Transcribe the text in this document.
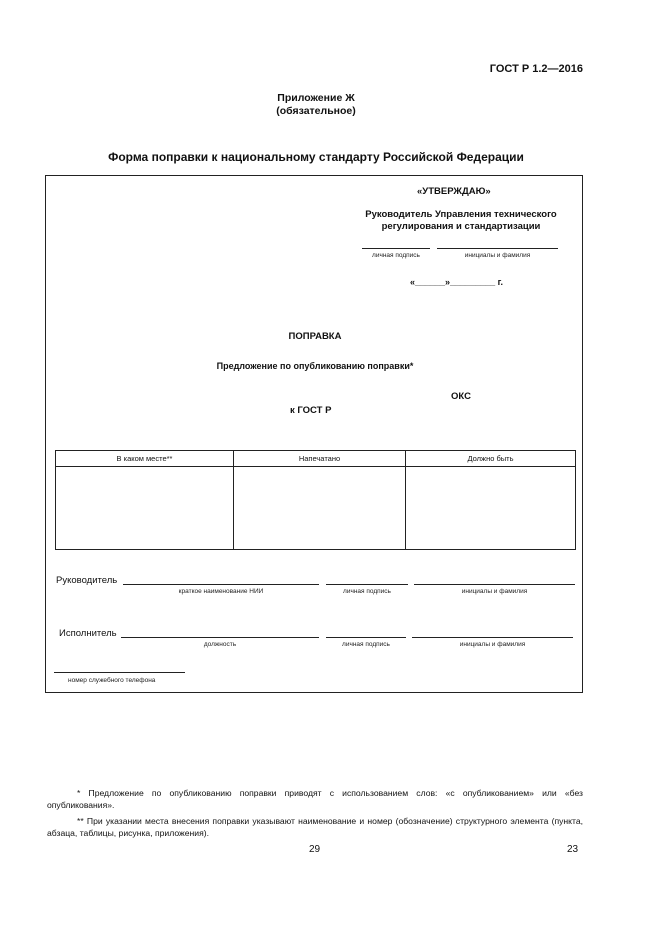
ГОСТ Р 1.2—2016
Приложение Ж
(обязательное)
Форма поправки к национальному стандарту Российской Федерации
«УТВЕРЖДАЮ»
Руководитель Управления технического
регулирования и стандартизации
личная подпись	инициалы и фамилия
«______»_________ г.
ПОПРАВКА
Предложение по опубликованию поправки*
ОКС
к ГОСТ Р
В каком месте**	Напечатано	Должно быть

Руководитель
краткое наименование НИИ	личная подпись	инициалы и фамилия
Исполнитель
должность	личная подпись	инициалы и фамилия
номер служебного телефона
* Предложение по опубликованию поправки приводят с использованием слов: «с опубликованием» или «без опубликования».
** При указании места внесения поправки указывают наименование и номер (обозначение) структурного элемента (пункта, абзаца, таблицы, рисунка, приложения).
29	23
